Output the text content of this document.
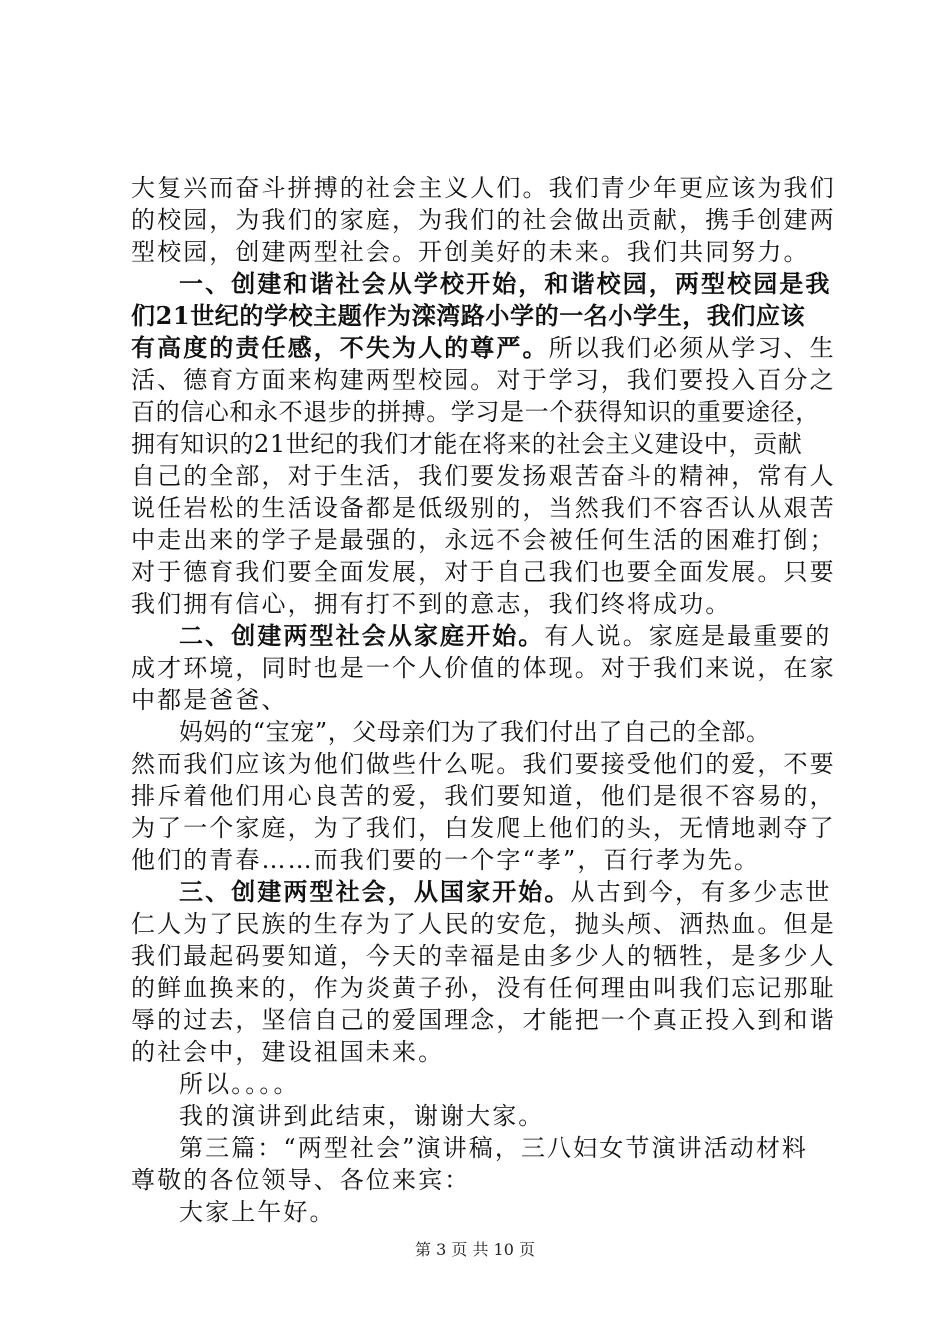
大复兴而奋斗拼搏的社会主义人们。我们青少年更应该为我们
的校园，为我们的家庭，为我们的社会做出贡献，携手创建两
型校园，创建两型社会。开创美好的未来。我们共同努力。
一、创建和谐社会从学校开始，和谐校园，两型校园是我
们21世纪的学校主题作为滦湾路小学的一名小学生，我们应该
有高度的责任感，不失为人的尊严。所以我们必须从学习、生
活、德育方面来构建两型校园。对于学习，我们要投入百分之
百的信心和永不退步的拼搏。学习是一个获得知识的重要途径，
拥有知识的21世纪的我们才能在将来的社会主义建设中，贡献
自己的全部，对于生活，我们要发扬艰苦奋斗的精神，常有人
说任岩松的生活设备都是低级别的，当然我们不容否认从艰苦
中走出来的学子是最强的，永远不会被任何生活的困难打倒；
对于德育我们要全面发展，对于自己我们也要全面发展。只要
我们拥有信心，拥有打不到的意志，我们终将成功。
二、创建两型社会从家庭开始。有人说。家庭是最重要的
成才环境，同时也是一个人价值的体现。对于我们来说，在家
中都是爸爸、
妈妈的“宝宠”，父母亲们为了我们付出了自己的全部。
然而我们应该为他们做些什么呢。我们要接受他们的爱，不要
排斥着他们用心良苦的爱，我们要知道，他们是很不容易的，
为了一个家庭，为了我们，白发爬上他们的头，无情地剥夺了
他们的青春……而我们要的一个字“孝”，百行孝为先。
三、创建两型社会，从国家开始。从古到今，有多少志世
仁人为了民族的生存为了人民的安危，抛头颅、洒热血。但是
我们最起码要知道，今天的幸福是由多少人的牺牲，是多少人
的鲜血换来的，作为炎黄子孙，没有任何理由叫我们忘记那耻
辱的过去，坚信自己的爱国理念，才能把一个真正投入到和谐
的社会中，建设祖国未来。
所以。。。。
我的演讲到此结束，谢谢大家。
第三篇：“两型社会”演讲稿，三八妇女节演讲活动材料
尊敬的各位领导、各位来宾：
大家上午好。
第 3 页 共 10 页
